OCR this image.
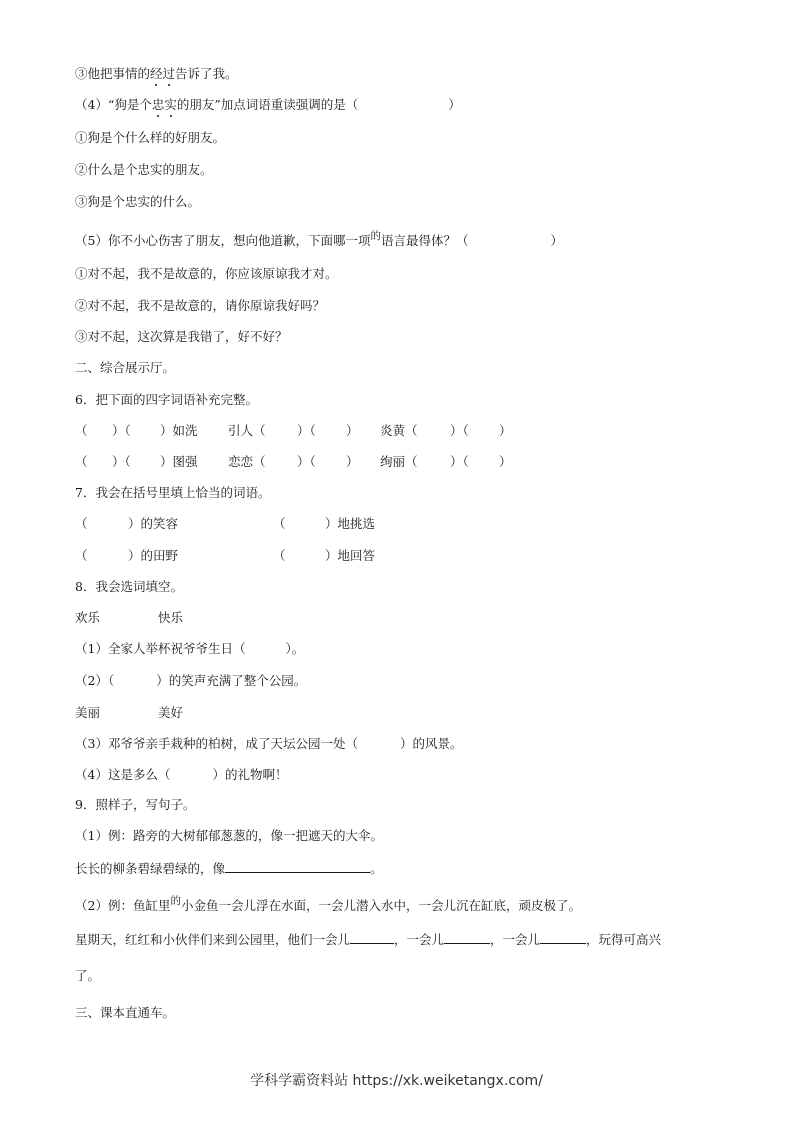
③他把事情的经过告诉了我。
（4）“狗是个忠实的朋友”加点词语重读强调的是（	）
①狗是个什么样的好朋友。
②什么是个忠实的朋友。
③狗是个忠实的什么。
（5）你不小心伤害了朋友，想向他道歉，下面哪一项$^的$语言最得体？（	）
①对不起，我不是故意的，你应该原谅我才对。
②对不起，我不是故意的，请你原谅我好吗？
③对不起，这次算是我错了，好不好？
二、综合展示厅。
6．把下面的四字词语补充完整。
（ ）（ ）如洗 引人（	）（ ） 炎黄（	）（ ）
（ ）（ ）图强 恋恋（	）（ ） 绚丽（	）（ ）
7．我会在括号里填上恰当的词语。
（	）的笑容	（	）地挑选
（	）的田野	（	）地回答
8．我会选词填空。
欢乐	快乐
（1）全家人举杯祝爷爷生日（	）。
（2）（	）的笑声充满了整个公园。
美丽	美好
（3）邓爷爷亲手栽种的柏树，成了天坛公园一处（	）的风景。
（4）这是多么（	）的礼物啊！
9．照样子，写句子。
（1）例：路旁的大树郁郁葱葱的，像一把遮天的大伞。
长长的柳条碧绿碧绿的，像	。
（2）例：鱼缸里$^的$小金鱼一会儿浮在水面，一会儿潜入水中，一会儿沉在缸底，顽皮极了。
星期天，红红和小伙伴们来到公园里，他们一会儿	，一会儿	，一会儿	，玩得可高兴
了。
三、课本直通车。
学科学霸资料站 https://xk.weiketangx.com/
